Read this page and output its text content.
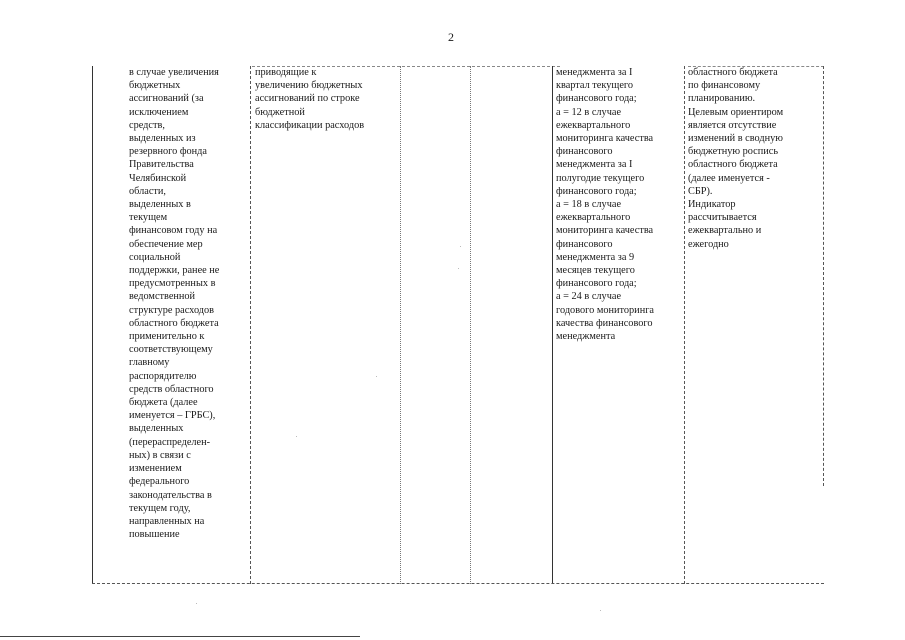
2

в случае увеличения
бюджетных
ассигнований (за
исключением
средств,
выделенных из
резервного фонда
Правительства
Челябинской
области,
выделенных в
текущем
финансовом году на
обеспечение мер
социальной
поддержки, ранее не
предусмотренных в
ведомственной
структуре расходов
областного бюджета
применительно к
соответствующему
главному
распорядителю
средств областного
бюджета (далее
именуется – ГРБС),
выделенных
(перераспределен-
ных) в связи с
изменением
федерального
законодательства в
текущем году,
направленных на
повышение

приводящие к
увеличению бюджетных
ассигнований по строке
бюджетной
классификации расходов

менеджмента за I
квартал текущего
финансового года;
а = 12 в случае
ежеквартального
мониторинга качества
финансового
менеджмента за I
полугодие текущего
финансового года;
а = 18 в случае
ежеквартального
мониторинга качества
финансового
менеджмента за 9
месяцев текущего
финансового года;
а = 24 в случае
годового мониторинга
качества финансового
менеджмента

областного бюджета
по финансовому
планированию.
Целевым ориентиром
является отсутствие
изменений в сводную
бюджетную роспись
областного бюджета
(далее именуется -
СБР).
Индикатор
рассчитывается
ежеквартально и
ежегодно
